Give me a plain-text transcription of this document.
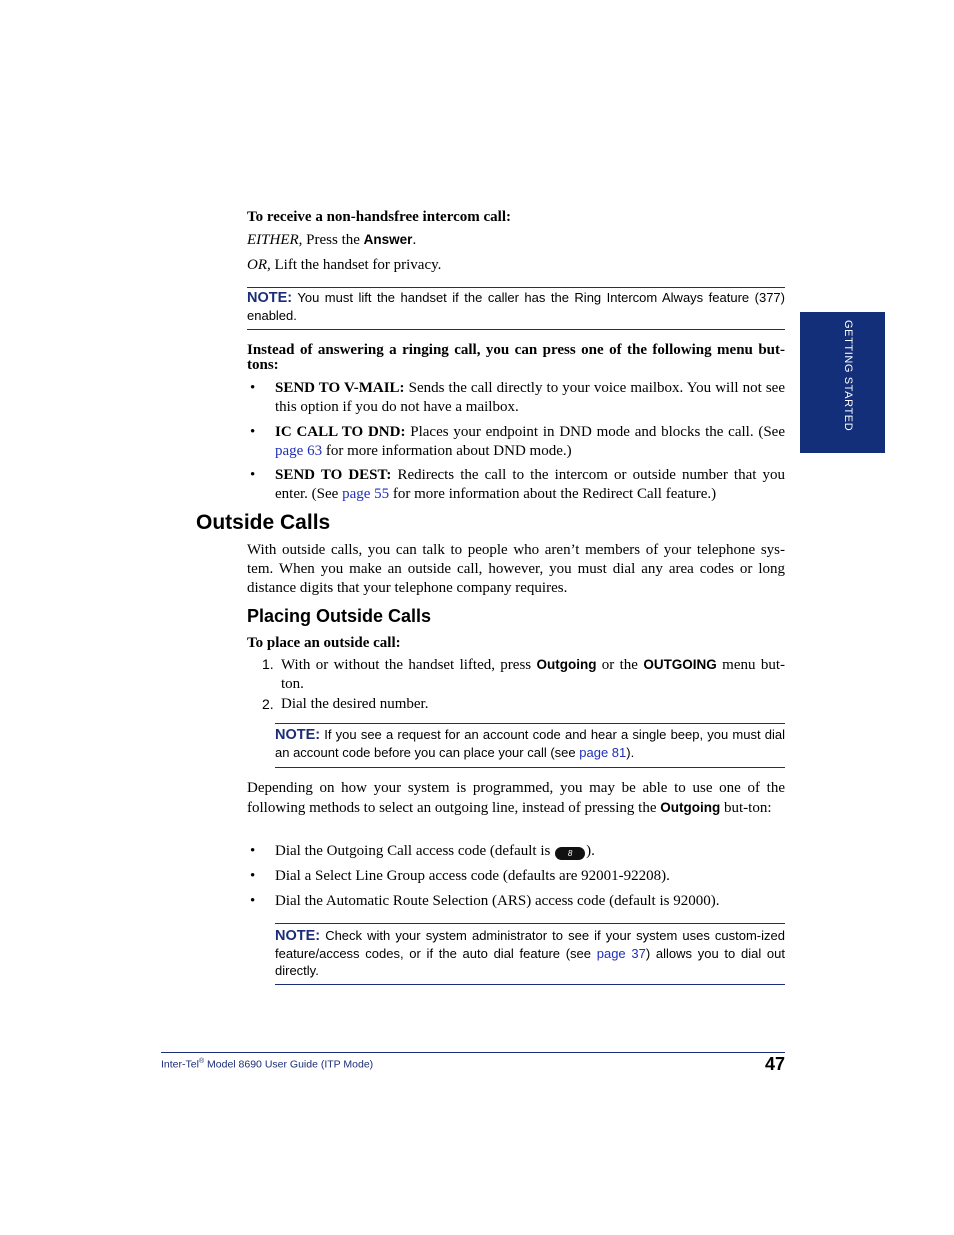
To receive a non-handsfree intercom call:
EITHER, Press the Answer.
OR, Lift the handset for privacy.
NOTE: You must lift the handset if the caller has the Ring Intercom Always feature (377) enabled.
Instead of answering a ringing call, you can press one of the following menu but-tons:
• SEND TO V-MAIL: Sends the call directly to your voice mailbox. You will not see this option if you do not have a mailbox.
• IC CALL TO DND: Places your endpoint in DND mode and blocks the call. (See page 63 for more information about DND mode.)
• SEND TO DEST: Redirects the call to the intercom or outside number that you enter. (See page 55 for more information about the Redirect Call feature.)
Outside Calls
With outside calls, you can talk to people who aren’t members of your telephone sys-tem. When you make an outside call, however, you must dial any area codes or long distance digits that your telephone company requires.
Placing Outside Calls
To place an outside call:
1. With or without the handset lifted, press Outgoing or the OUTGOING menu but-ton.
2. Dial the desired number.
NOTE: If you see a request for an account code and hear a single beep, you must dial an account code before you can place your call (see page 81).
Depending on how your system is programmed, you may be able to use one of the following methods to select an outgoing line, instead of pressing the Outgoing but-ton:
• Dial the Outgoing Call access code (default is 8 ).
• Dial a Select Line Group access code (defaults are 92001-92208).
• Dial the Automatic Route Selection (ARS) access code (default is 92000).
NOTE: Check with your system administrator to see if your system uses custom-ized feature/access codes, or if the auto dial feature (see page 37) allows you to dial out directly.
GETTING STARTED
Inter-Tel® Model 8690 User Guide (ITP Mode)	47
